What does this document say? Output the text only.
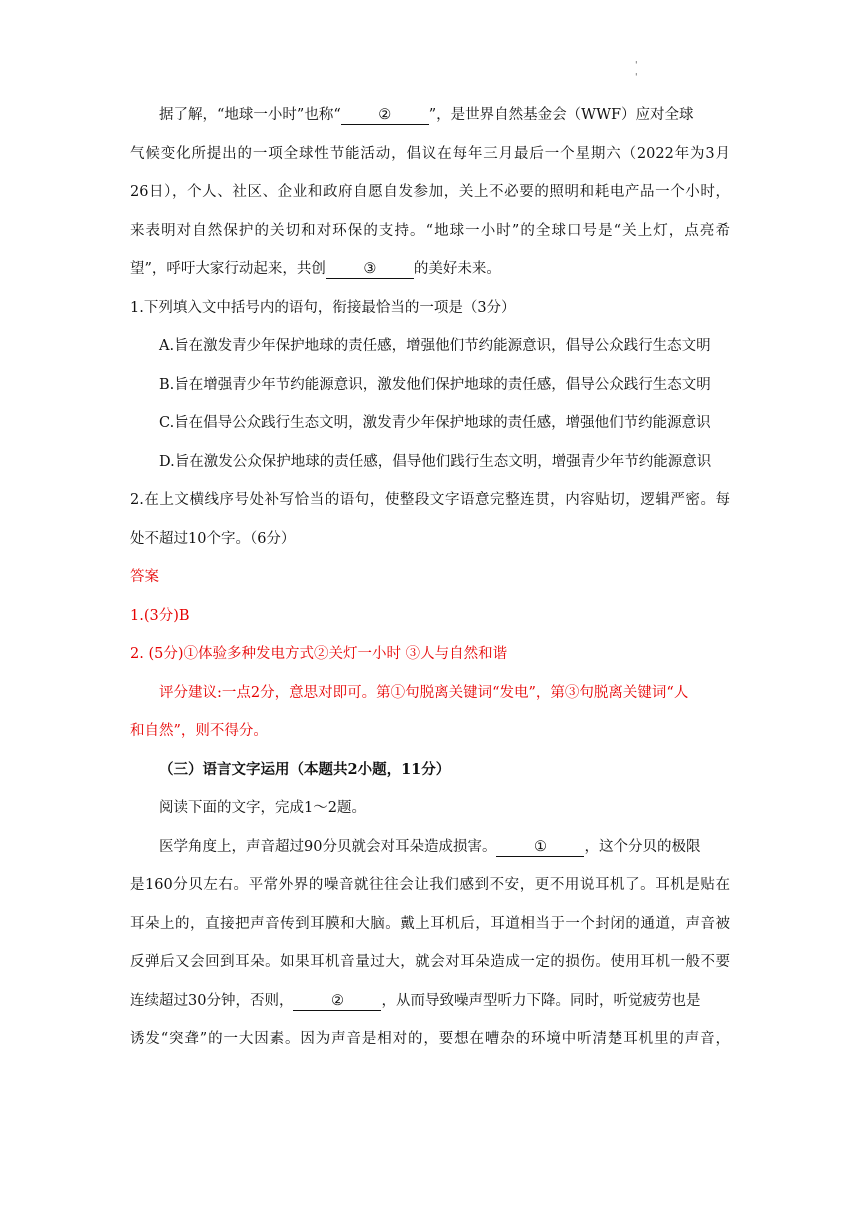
'
'
据了解，“地球一小时”也称“	②	”，是世界自然基金会（WWF）应对全球
气候变化所提出的一项全球性节能活动，倡议在每年三月最后一个星期六（2022年为3月
26日），个人、社区、企业和政府自愿自发参加，关上不必要的照明和耗电产品一个小时，
来表明对自然保护的关切和对环保的支持。“地球一小时”的全球口号是“关上灯，点亮希
望”，呼吁大家行动起来，共创	③	的美好未来。
1.下列填入文中括号内的语句，衔接最恰当的一项是（3分）
A.旨在激发青少年保护地球的责任感，增强他们节约能源意识，倡导公众践行生态文明
B.旨在增强青少年节约能源意识，激发他们保护地球的责任感，倡导公众践行生态文明
C.旨在倡导公众践行生态文明，激发青少年保护地球的责任感，增强他们节约能源意识
D.旨在激发公众保护地球的责任感，倡导他们践行生态文明，增强青少年节约能源意识
2.在上文横线序号处补写恰当的语句，使整段文字语意完整连贯，内容贴切，逻辑严密。每
处不超过10个字。（6分）
答案
1.(3分)B
2. (5分)①体验多种发电方式②关灯一小时 ③人与自然和谐
评分建议:一点2分，意思对即可。第①句脱离关键词“发电”，第③句脱离关键词“人
和自然”，则不得分。
（三）语言文字运用（本题共2小题，11分）
阅读下面的文字，完成1～2题。
医学角度上，声音超过90分贝就会对耳朵造成损害。	①	，这个分贝的极限
是160分贝左右。平常外界的噪音就往往会让我们感到不安，更不用说耳机了。耳机是贴在
耳朵上的，直接把声音传到耳膜和大脑。戴上耳机后，耳道相当于一个封闭的通道，声音被
反弹后又会回到耳朵。如果耳机音量过大，就会对耳朵造成一定的损伤。使用耳机一般不要
连续超过30分钟，否则，	②	，从而导致噪声型听力下降。同时，听觉疲劳也是
诱发“突聋”的一大因素。因为声音是相对的，要想在嘈杂的环境中听清楚耳机里的声音，
